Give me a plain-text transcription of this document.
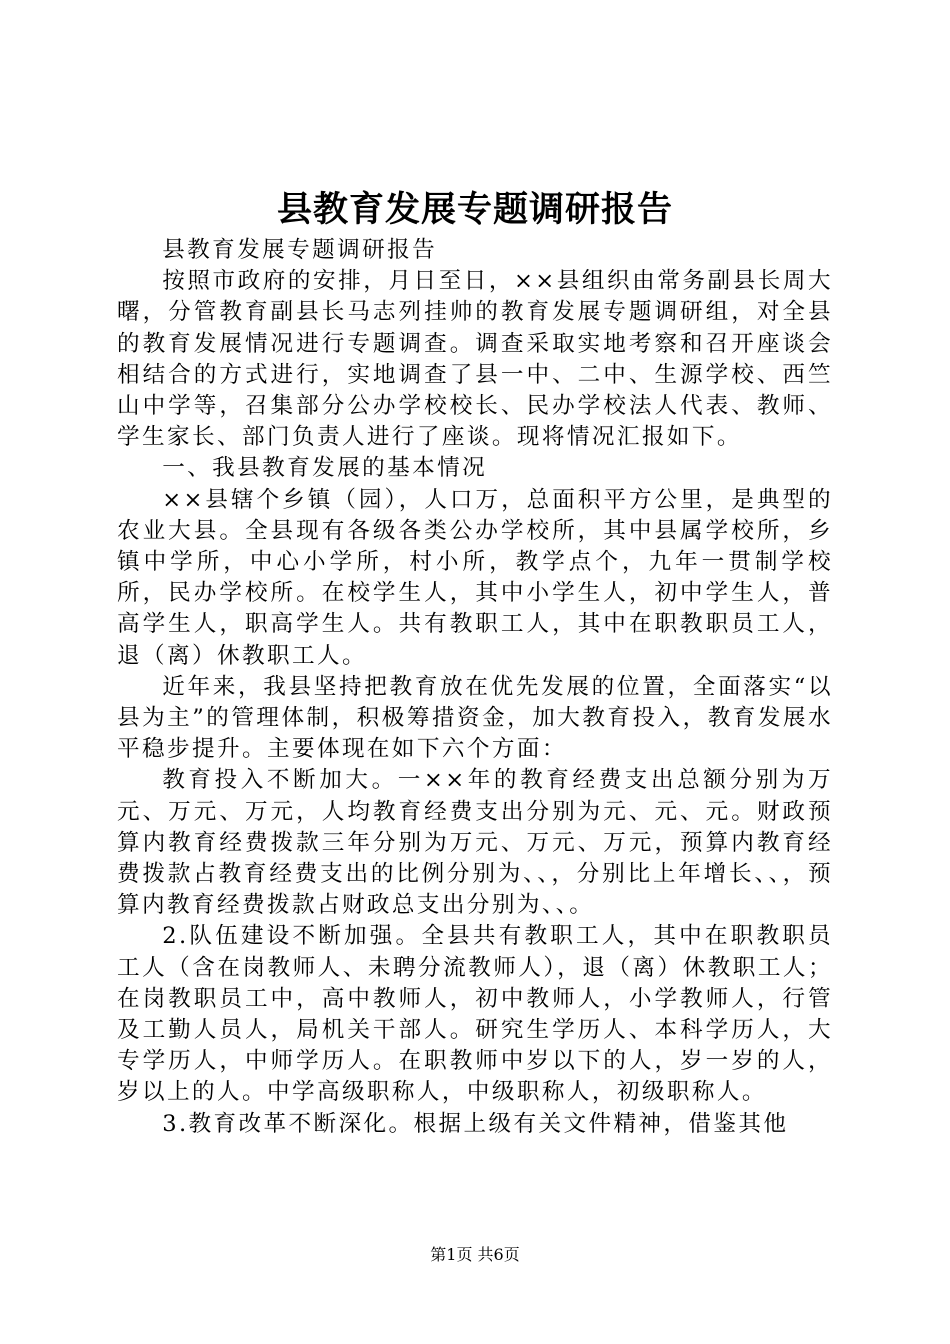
县教育发展专题调研报告

县教育发展专题调研报告

按照市政府的安排，月日至日，××县组织由常务副县长周大曙，分管教育副县长马志列挂帅的教育发展专题调研组，对全县的教育发展情况进行专题调查。调查采取实地考察和召开座谈会相结合的方式进行，实地调查了县一中、二中、生源学校、西竺山中学等，召集部分公办学校校长、民办学校法人代表、教师、学生家长、部门负责人进行了座谈。现将情况汇报如下。

一、我县教育发展的基本情况

××县辖个乡镇（园），人口万，总面积平方公里，是典型的农业大县。全县现有各级各类公办学校所，其中县属学校所，乡镇中学所，中心小学所，村小所，教学点个，九年一贯制学校所，民办学校所。在校学生人，其中小学生人，初中学生人，普高学生人，职高学生人。共有教职工人，其中在职教职员工人，退（离）休教职工人。

近年来，我县坚持把教育放在优先发展的位置，全面落实“以县为主”的管理体制，积极筹措资金，加大教育投入，教育发展水平稳步提升。主要体现在如下六个方面：

教育投入不断加大。一××年的教育经费支出总额分别为万元、万元、万元，人均教育经费支出分别为元、元、元。财政预算内教育经费拨款三年分别为万元、万元、万元，预算内教育经费拨款占教育经费支出的比例分别为、、，分别比上年增长、、，预算内教育经费拨款占财政总支出分别为、、。

2.队伍建设不断加强。全县共有教职工人，其中在职教职员工人（含在岗教师人、未聘分流教师人），退（离）休教职工人；在岗教职员工中，高中教师人，初中教师人，小学教师人，行管及工勤人员人，局机关干部人。研究生学历人、本科学历人，大专学历人，中师学历人。在职教师中岁以下的人，岁一岁的人，岁以上的人。中学高级职称人，中级职称人，初级职称人。

3.教育改革不断深化。根据上级有关文件精神，借鉴其他

第1页 共6页
